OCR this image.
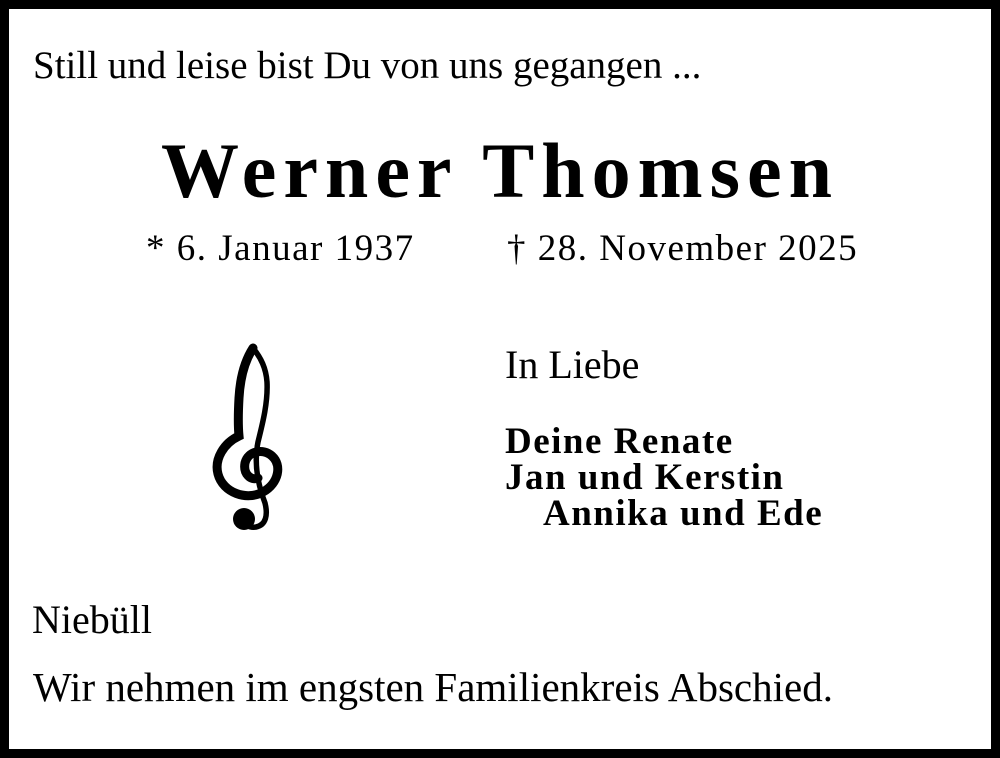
Still und leise bist Du von uns gegangen ...
Werner Thomsen
* 6. Januar 1937 † 28. November 2025
In Liebe
Deine Renate
Jan und Kerstin
Annika und Ede
Niebüll
Wir nehmen im engsten Familienkreis Abschied.
